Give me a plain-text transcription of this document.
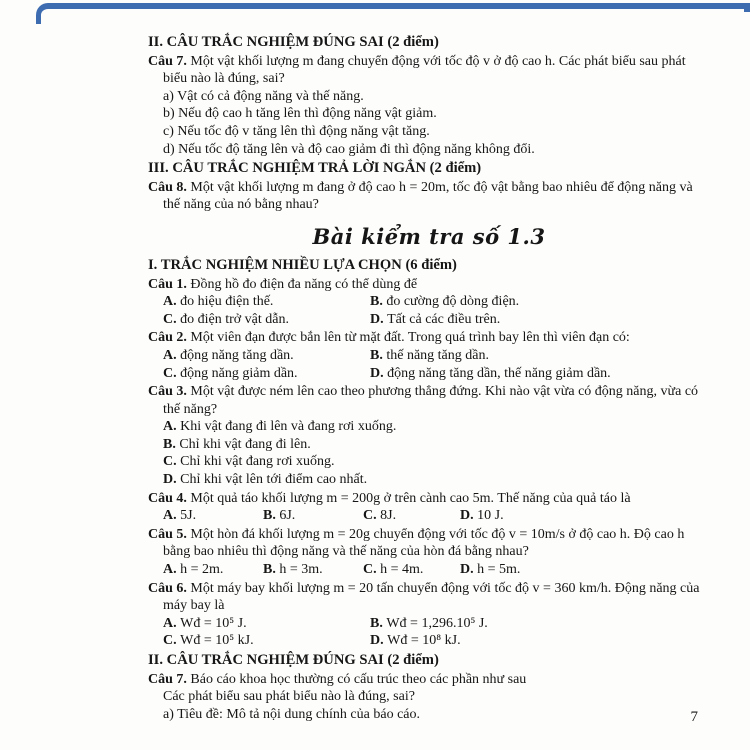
II. CÂU TRẮC NGHIỆM ĐÚNG SAI (2 điểm)
Câu 7. Một vật khối lượng m đang chuyển động với tốc độ v ở độ cao h. Các phát biểu sau phát biểu nào là đúng, sai?
a) Vật có cả động năng và thế năng.
b) Nếu độ cao h tăng lên thì động năng vật giảm.
c) Nếu tốc độ v tăng lên thì động năng vật tăng.
d) Nếu tốc độ tăng lên và độ cao giảm đi thì động năng không đổi.
III. CÂU TRẮC NGHIỆM TRẢ LỜI NGẮN (2 điểm)
Câu 8. Một vật khối lượng m đang ở độ cao h = 20m, tốc độ vật bằng bao nhiêu để động năng và thế năng của nó bằng nhau?
Bài kiểm tra số 1.3
I. TRẮC NGHIỆM NHIỀU LỰA CHỌN (6 điểm)
Câu 1. Đồng hồ đo điện đa năng có thể dùng để
A. đo hiệu điện thế.	B. đo cường độ dòng điện.
C. đo điện trở vật dẫn.	D. Tất cả các điều trên.
Câu 2. Một viên đạn được bắn lên từ mặt đất. Trong quá trình bay lên thì viên đạn có:
A. động năng tăng dần.	B. thế năng tăng dần.
C. động năng giảm dần.	D. động năng tăng dần, thế năng giảm dần.
Câu 3. Một vật được ném lên cao theo phương thẳng đứng. Khi nào vật vừa có động năng, vừa có thế năng?
A. Khi vật đang đi lên và đang rơi xuống.
B. Chỉ khi vật đang đi lên.
C. Chỉ khi vật đang rơi xuống.
D. Chỉ khi vật lên tới điểm cao nhất.
Câu 4. Một quả táo khối lượng m = 200g ở trên cành cao 5m. Thế năng của quả táo là
A. 5J.	B. 6J.	C. 8J.	D. 10 J.
Câu 5. Một hòn đá khối lượng m = 20g chuyển động với tốc độ v = 10m/s ở độ cao h. Độ cao h bằng bao nhiêu thì động năng và thế năng của hòn đá bằng nhau?
A. h = 2m.	B. h = 3m.	C. h = 4m.	D. h = 5m.
Câu 6. Một máy bay khối lượng m = 20 tấn chuyển động với tốc độ v = 360 km/h. Động năng của máy bay là
A. Wđ = 10⁵ J.	B. Wđ = 1,296.10⁵ J.
C. Wđ = 10⁵ kJ.	D. Wđ = 10⁸ kJ.
II. CÂU TRẮC NGHIỆM ĐÚNG SAI (2 điểm)
Câu 7. Báo cáo khoa học thường có cấu trúc theo các phần như sau
Các phát biểu sau phát biểu nào là đúng, sai?
a) Tiêu đề: Mô tả nội dung chính của báo cáo.	7
